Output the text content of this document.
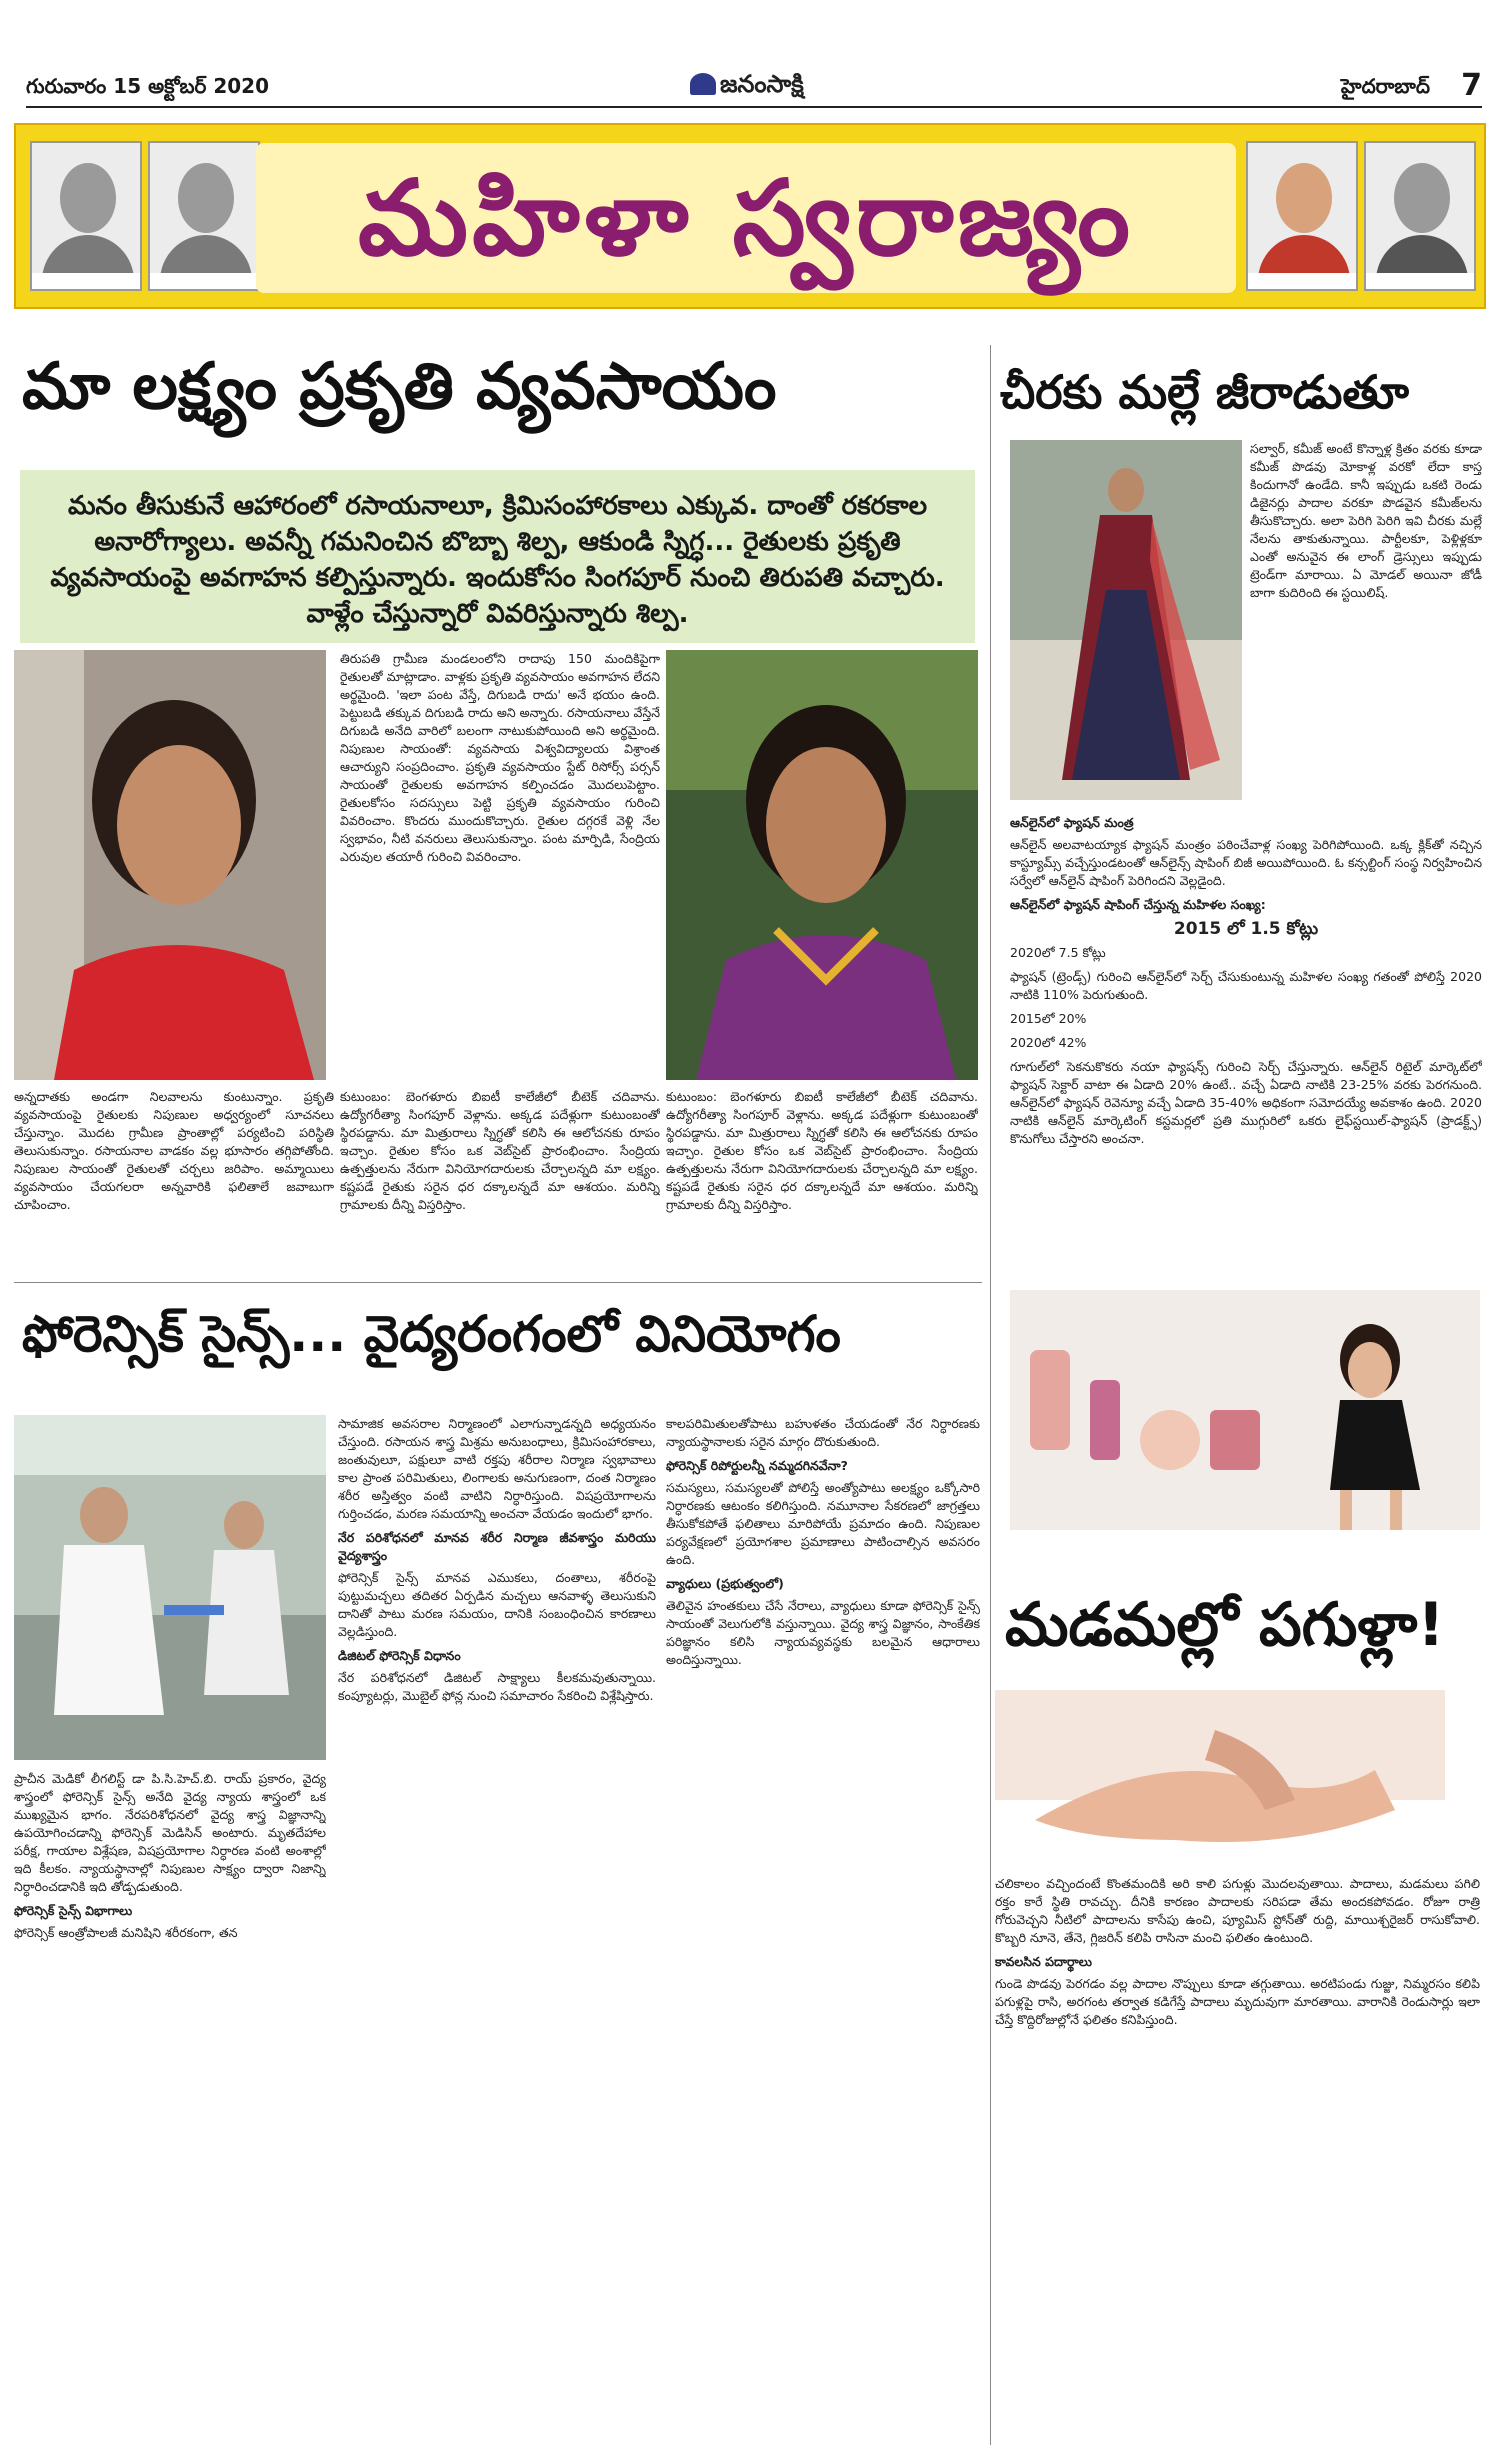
గురువారం 15 అక్టోబర్ 2020	జనంసాక్షి	హైదరాబాద్ 7
మహిళా స్వరాజ్యం
మా లక్ష్యం ప్రకృతి వ్యవసాయం
మనం తీసుకునే ఆహారంలో రసాయనాలూ, క్రిమిసంహారకాలు ఎక్కువ. దాంతో రకరకాల అనారోగ్యాలు. అవన్నీ గమనించిన బొబ్బా శిల్ప, ఆకుండి స్నిగ్ధ... రైతులకు ప్రకృతి వ్యవసాయంపై అవగాహన కల్పిస్తున్నారు. ఇందుకోసం సింగపూర్ నుంచి తిరుపతి వచ్చారు. వాళ్లేం చేస్తున్నారో వివరిస్తున్నారు శిల్ప.
తిరుపతి గ్రామీణ మండలంలోని రాదాపు 150 మందికిపైగా రైతులతో మాట్లాడాం. వాళ్లకు ప్రకృతి వ్యవసాయం అవగాహన లేదని అర్థమైంది. 'ఇలా పంట వేస్తే, దిగుబడి రాదు' అనే భయం ఉంది. పెట్టుబడి తక్కువ దిగుబడి రాదు అని అన్నారు. రసాయనాలు వేస్తేనే దిగుబడి అనేది వారిలో బలంగా నాటుకుపోయింది అని అర్థమైంది. నిపుణుల సాయంతో: వ్యవసాయ విశ్వవిద్యాలయ విశ్రాంత ఆచార్యుని సంప్రదించాం. ప్రకృతి వ్యవసాయం స్టేట్ రిసోర్స్ పర్సన్ సాయంతో రైతులకు అవగాహన కల్పించడం మొదలుపెట్టాం. రైతులకోసం సదస్సులు పెట్టి ప్రకృతి వ్యవసాయం గురించి వివరించాం. కొందరు ముందుకొచ్చారు. రైతుల దగ్గరకే వెళ్లి నేల స్వభావం, నీటి వనరులు తెలుసుకున్నాం. పంట మార్పిడి, సేంద్రియ ఎరువుల తయారీ గురించి వివరించాం.
అన్నదాతకు అండగా నిలవాలను కుంటున్నాం. ప్రకృతి వ్యవసాయంపై రైతులకు నిపుణుల అధ్వర్యంలో సూచనలు చేస్తున్నాం. మొదట గ్రామీణ ప్రాంతాల్లో పర్యటించి పరిస్థితి తెలుసుకున్నాం. రసాయనాల వాడకం వల్ల భూసారం తగ్గిపోతోంది. నిపుణుల సాయంతో రైతులతో చర్చలు జరిపాం. అమ్మాయిలు వ్యవసాయం చేయగలరా అన్నవారికి ఫలితాలే జవాబుగా చూపించాం.
కుటుంబం: బెంగళూరు బిఐటీ కాలేజీలో బీటెక్ చదివాను. ఉద్యోగరీత్యా సింగపూర్ వెళ్లాను. అక్కడ పదేళ్లుగా కుటుంబంతో స్థిరపడ్డాను. మా మిత్రురాలు స్నిగ్ధతో కలిసి ఈ ఆలోచనకు రూపం ఇచ్చాం. రైతుల కోసం ఒక వెబ్‌సైట్ ప్రారంభించాం. సేంద్రియ ఉత్పత్తులను నేరుగా వినియోగదారులకు చేర్చాలన్నది మా లక్ష్యం. కష్టపడే రైతుకు సరైన ధర దక్కాలన్నదే మా ఆశయం. మరిన్ని గ్రామాలకు దీన్ని విస్తరిస్తాం.
కుటుంబం: బెంగళూరు బిఐటీ కాలేజీలో బీటెక్ చదివాను. ఉద్యోగరీత్యా సింగపూర్ వెళ్లాను. అక్కడ పదేళ్లుగా కుటుంబంతో స్థిరపడ్డాను. మా మిత్రురాలు స్నిగ్ధతో కలిసి ఈ ఆలోచనకు రూపం ఇచ్చాం. రైతుల కోసం ఒక వెబ్‌సైట్ ప్రారంభించాం. సేంద్రియ ఉత్పత్తులను నేరుగా వినియోగదారులకు చేర్చాలన్నది మా లక్ష్యం. కష్టపడే రైతుకు సరైన ధర దక్కాలన్నదే మా ఆశయం. మరిన్ని గ్రామాలకు దీన్ని విస్తరిస్తాం.
చీరకు మల్లే జీరాడుతూ
సల్వార్, కమీజ్ అంటే కొన్నాళ్ల క్రితం వరకు కూడా కమీజ్ పొడవు మోకాళ్ల వరకో లేదా కాస్త కిందుగానో ఉండేది. కానీ ఇప్పుడు ఒకటి రెండు డిజైనర్లు పాదాల వరకూ పొడవైన కమీజ్‌లను తీసుకొచ్చారు. అలా పెరిగి పెరిగి ఇవి చీరకు మల్లే నేలను తాకుతున్నాయి. పార్టీలకూ, పెళ్లిళ్లకూ ఎంతో అనువైన ఈ లాంగ్ డ్రెస్సులు ఇప్పుడు ట్రెండ్‌గా మారాయి. ఏ మోడల్ అయినా జోడీ బాగా కుదిరింది ఈ స్టయిలిష్.
ఆన్‌లైన్‌లో ఫ్యాషన్ మంత్ర

ఆన్‌లైన్ అలవాటయ్యాక ఫ్యాషన్ మంత్రం పఠించేవాళ్ల సంఖ్య పెరిగిపోయింది. ఒక్క క్లిక్‌తో నచ్చిన కాస్ట్యూమ్స్ వచ్చేస్తుండటంతో ఆన్‌లైన్స్ షాపింగ్ బిజీ అయిపోయింది. ఓ కన్సల్టింగ్ సంస్థ నిర్వహించిన సర్వేలో ఆన్‌లైన్ షాపింగ్ పెరిగిందని వెల్లడైంది.

ఆన్‌లైన్‌లో ఫ్యాషన్ షాపింగ్ చేస్తున్న మహిళల సంఖ్య:
2015 లో 1.5 కోట్లు

2020లో 7.5 కోట్లు

ఫ్యాషన్ (ట్రెండ్స్) గురించి ఆన్‌లైన్‌లో సెర్చ్ చేసుకుంటున్న మహిళల సంఖ్య గతంతో పోలిస్తే 2020 నాటికి 110% పెరుగుతుంది.

2015లో 20%

2020లో 42%

గూగుల్‌లో సెకనుకొకరు నయా ఫ్యాషన్స్ గురించి సెర్చ్ చేస్తున్నారు. ఆన్‌లైన్ రిటైల్ మార్కెట్‌లో ఫ్యాషన్ సెక్టార్ వాటా ఈ ఏడాది 20% ఉంటే.. వచ్చే ఏడాది నాటికి 23-25% వరకు పెరగనుంది. ఆన్‌లైన్‌లో ఫ్యాషన్ రెవెన్యూ వచ్చే ఏడాది 35-40% అధికంగా సమోదయ్యే అవకాశం ఉంది. 2020 నాటికి ఆన్‌లైన్ మార్కెటింగ్ కస్టమర్లలో ప్రతి ముగ్గురిలో ఒకరు లైఫ్‌స్టయిల్-ఫ్యాషన్ (ప్రాడక్ట్స్) కొనుగోలు చేస్తారని అంచనా.

మడమల్లో పగుళ్లా!

చలికాలం వచ్చిందంటే కొంతమందికి అరి కాలి పగుళ్లు మొదలవుతాయి. పాదాలు, మడమలు పగిలి రక్తం కారే స్థితి రావచ్చు. దీనికి కారణం పాదాలకు సరిపడా తేమ అందకపోవడం. రోజూ రాత్రి గోరువెచ్చని నీటిలో పాదాలను కాసేపు ఉంచి, ప్యూమిస్ స్టోన్‌తో రుద్ది, మాయిశ్చరైజర్ రాసుకోవాలి. కొబ్బరి నూనె, తేనె, గ్లిజరిన్ కలిపి రాసినా మంచి ఫలితం ఉంటుంది.

కావలసిన పదార్థాలు

గుండె పొడవు పెరగడం వల్ల పాదాల నొప్పులు కూడా తగ్గుతాయి. అరటిపండు గుజ్జు, నిమ్మరసం కలిపి పగుళ్లపై రాసి, అరగంట తర్వాత కడిగేస్తే పాదాలు మృదువుగా మారతాయి. వారానికి రెండుసార్లు ఇలా చేస్తే కొద్దిరోజుల్లోనే ఫలితం కనిపిస్తుంది.

ఫోరెన్సిక్ సైన్స్... వైద్యరంగంలో వినియోగం

ప్రాచీన మెడికో లీగలిస్ట్ డా పి.సి.హెచ్.బి. రాయ్ ప్రకారం, వైద్య శాస్త్రంలో ఫోరెన్సిక్ సైన్స్ అనేది వైద్య న్యాయ శాస్త్రంలో ఒక ముఖ్యమైన భాగం. నేరపరిశోధనలో వైద్య శాస్త్ర విజ్ఞానాన్ని ఉపయోగించడాన్ని ఫోరెన్సిక్ మెడిసిన్ అంటారు. మృతదేహాల పరీక్ష, గాయాల విశ్లేషణ, విషప్రయోగాల నిర్ధారణ వంటి అంశాల్లో ఇది కీలకం. న్యాయస్థానాల్లో నిపుణుల సాక్ష్యం ద్వారా నిజాన్ని నిర్ధారించడానికి ఇది తోడ్పడుతుంది.

ఫోరెన్సిక్ సైన్స్ విభాగాలు

ఫోరెన్సిక్ ఆంత్రోపాలజీ మనిషిని శరీరకంగా, తన

సామాజిక అవసరాల నిర్మాణంలో ఎలాగున్నాడన్నది అధ్యయనం చేస్తుంది. రసాయన శాస్త్ర మిశ్రమ అనుబంధాలు, క్రిమిసంహారకాలు, జంతువులూ, పక్షులూ వాటి రక్తపు శరీరాల నిర్మాణ స్వభావాలు కాల ప్రాంత పరిమితులు, లింగాలకు అనుగుణంగా, దంత నిర్మాణం శరీర అస్తిత్వం వంటి వాటిని నిర్ధారిస్తుంది. విషప్రయోగాలను గుర్తించడం, మరణ సమయాన్ని అంచనా వేయడం ఇందులో భాగం.

నేర పరిశోధనలో మానవ శరీర నిర్మాణ జీవశాస్త్రం మరియు వైద్యశాస్త్రం

ఫోరెన్సిక్ సైన్స్ మానవ ఎముకలు, దంతాలు, శరీరంపై పుట్టుమచ్చలు తదితర ఏర్పడిన మచ్చలు ఆనవాళ్ళ తెలుసుకుని దానితో పాటు మరణ సమయం, దానికి సంబంధించిన కారణాలు వెల్లడిస్తుంది.

డిజిటల్ ఫోరెన్సిక్ విధానం

నేర పరిశోధనలో డిజిటల్ సాక్ష్యాలు కీలకమవుతున్నాయి. కంప్యూటర్లు, మొబైల్ ఫోన్ల నుంచి సమాచారం సేకరించి విశ్లేషిస్తారు.

కాలపరిమితులతోపాటు బహుళతం చేయడంతో నేర నిర్ధారణకు న్యాయస్థానాలకు సరైన మార్గం దొరుకుతుంది.

ఫోరెన్సిక్ రిపోర్టులన్నీ నమ్మదగినవేనా?

సమస్యలు, సమస్యలతో పోలిస్తే అంత్యోపాటు అలక్ష్యం ఒక్కోసారి నిర్ధారణకు ఆటంకం కలిగిస్తుంది. నమూనాల సేకరణలో జాగ్రత్తలు తీసుకోకపోతే ఫలితాలు మారిపోయే ప్రమాదం ఉంది. నిపుణుల పర్యవేక్షణలో ప్రయోగశాల ప్రమాణాలు పాటించాల్సిన అవసరం ఉంది.

వ్యాధులు (ప్రభుత్వంలో)

తెలివైన హంతకులు చేసే నేరాలు, వ్యాధులు కూడా ఫోరెన్సిక్ సైన్స్ సాయంతో వెలుగులోకి వస్తున్నాయి. వైద్య శాస్త్ర విజ్ఞానం, సాంకేతిక పరిజ్ఞానం కలిసి న్యాయవ్యవస్థకు బలమైన ఆధారాలు అందిస్తున్నాయి.
